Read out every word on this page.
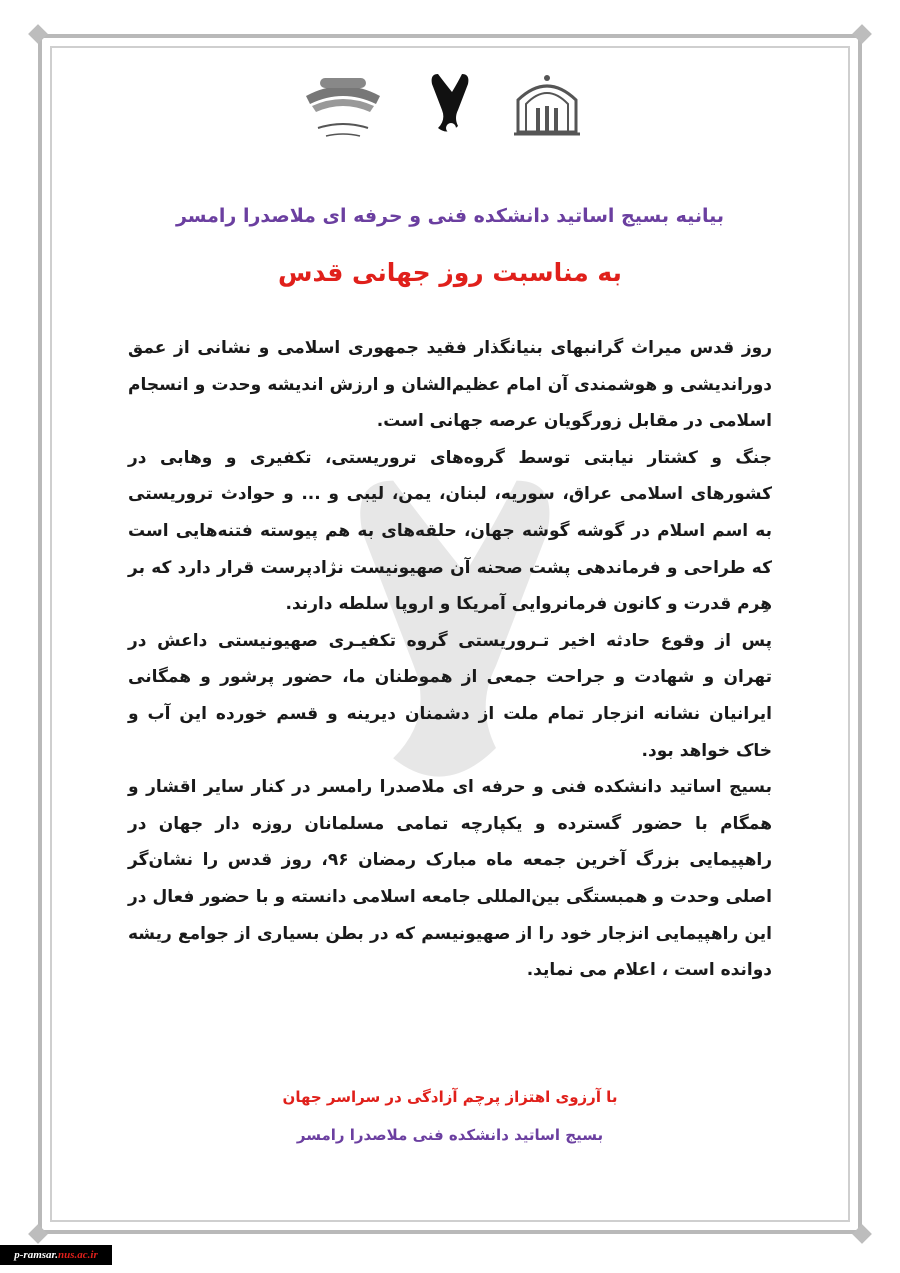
بیانیه بسیج اساتید دانشکده فنی و حرفه ای ملاصدرا رامسر
به مناسبت روز جهانی قدس

روز قدس میراث گرانبهای بنیانگذار فقید جمهوری اسلامی و نشانی از عمق دوراندیشی و هوشمندی آن امام عظیم‌الشان و ارزش اندیشه وحدت و انسجام اسلامی در مقابل زورگویان عرصه جهانی است.

جنگ و کشتار نیابتی توسط گروه‌های تروریستی، تکفیری و وهابی در کشورهای اسلامی عراق، سوریه، لبنان، یمن، لیبی و ... و حوادث تروریستی به اسم اسلام در گوشه گوشه جهان، حلقه‌های به هم پیوسته فتنه‌هایی است که طراحی و فرماندهی پشت صحنه آن صهیونیست نژادپرست قرار دارد که بر هِرم قدرت و کانون فرمانروایی آمریکا و اروپا سلطه دارند.

پس از وقوع حادثه اخیر تـروریستی گروه تکفیـری صهیونیستی داعش در تهران و شهادت و جراحت جمعی از هموطنان ما، حضور پرشور و همگانی ایرانیان نشانه انزجار تمام ملت از دشمنان دیرینه و قسم خورده این آب و خاک خواهد بود.

بسیج اساتید دانشکده فنی و حرفه ای ملاصدرا رامسر در کنار سایر اقشار و همگام با حضور گسترده و یکپارچه تمامی مسلمانان روزه دار جهان در راهپیمایی بزرگ آخرین جمعه ماه مبارک رمضان ۹۶، روز قدس را نشان‌گر اصلی وحدت و همبستگی بین‌المللی جامعه اسلامی دانسته و با حضور فعال در این راهپیمایی انزجار خود را از صهیونیسم که در بطن بسیاری از جوامع ریشه دوانده است ، اعلام می نماید.

با آرزوی اهتزاز پرچم آزادگی در سراسر جهان
بسیج اساتید دانشکده فنی ملاصدرا رامسر
p-ramsar. nus.ac.ir
